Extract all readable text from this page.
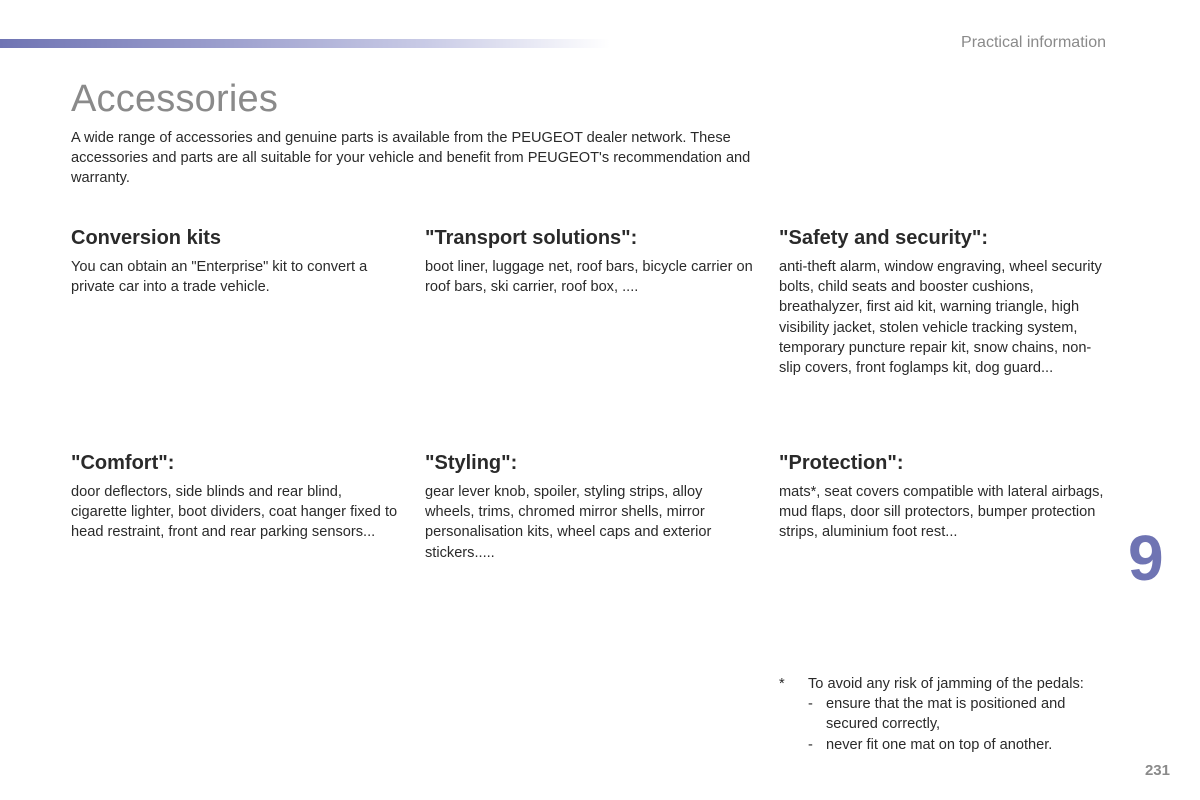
Practical information
Accessories

A wide range of accessories and genuine parts is available from the PEUGEOT dealer network. These accessories and parts are all suitable for your vehicle and benefit from PEUGEOT's recommendation and warranty.

Conversion kits

You can obtain an "Enterprise" kit to convert a private car into a trade vehicle.

"Transport solutions":

boot liner, luggage net, roof bars, bicycle carrier on roof bars, ski carrier, roof box, ....

"Safety and security":

anti-theft alarm, window engraving, wheel security bolts, child seats and booster cushions, breathalyzer, first aid kit, warning triangle, high visibility jacket, stolen vehicle tracking system, temporary puncture repair kit, snow chains, non-slip covers, front foglamps kit, dog guard...

"Comfort":

door deflectors, side blinds and rear blind, cigarette lighter, boot dividers, coat hanger fixed to head restraint, front and rear parking sensors...

"Styling":

gear lever knob, spoiler, styling strips, alloy wheels, trims, chromed mirror shells, mirror personalisation kits, wheel caps and exterior stickers.....

"Protection":

mats*, seat covers compatible with lateral airbags, mud flaps, door sill protectors, bumper protection strips, aluminium foot rest...	9
*	To avoid any risk of jamming of the pedals:
- ensure that the mat is positioned and secured correctly,
- never fit one mat on top of another.
231
